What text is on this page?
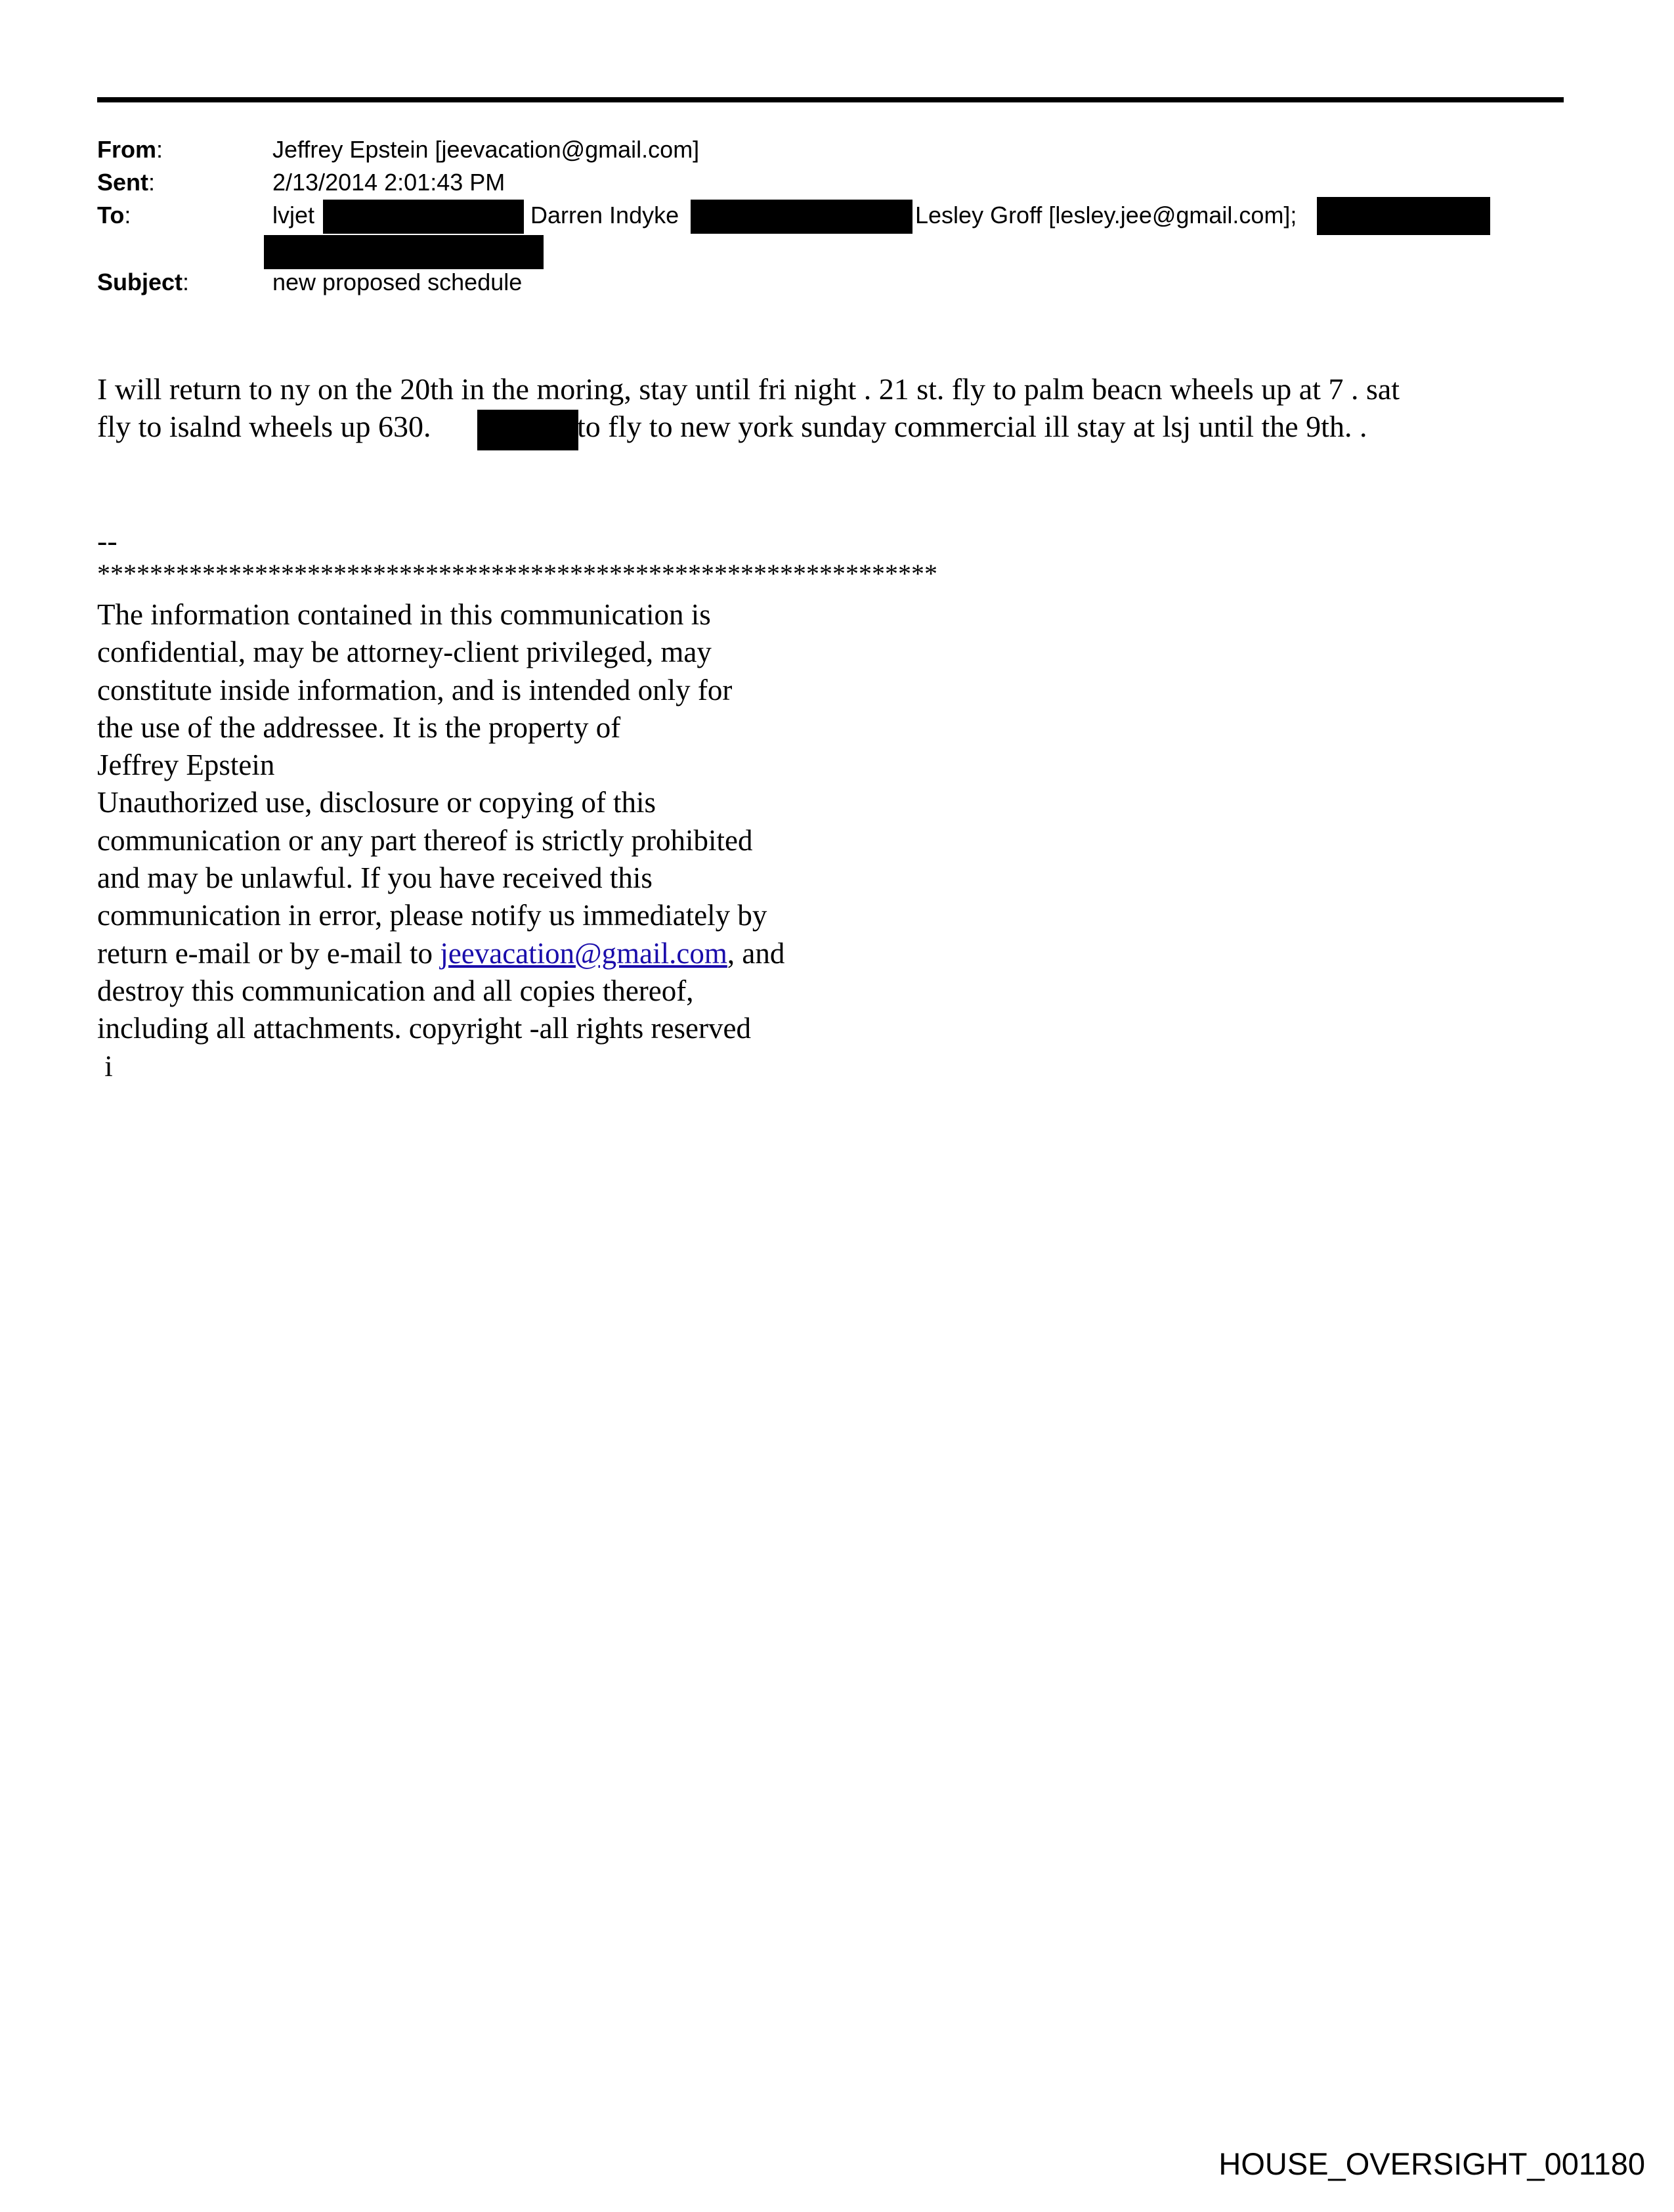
From:	Jeffrey Epstein [jeevacation@gmail.com]
Sent:	2/13/2014 2:01:43 PM
To:	lvjet	Darren Indyke	Lesley Groff [lesley.jee@gmail.com];
Subject:	new proposed schedule
I will return to ny on the 20th in the moring, stay until fri night . 21 st. fly to palm beacn wheels up at 7 . sat
fly to isalnd wheels up 630.	to fly to new york sunday commercial ill stay at lsj until the 9th. .
--
****************************************************************
The information contained in this communication is
confidential, may be attorney-client privileged, may
constitute inside information, and is intended only for
the use of the addressee. It is the property of
Jeffrey Epstein
Unauthorized use, disclosure or copying of this
communication or any part thereof is strictly prohibited
and may be unlawful. If you have received this
communication in error, please notify us immediately by
return e-mail or by e-mail to jeevacation@gmail.com, and
destroy this communication and all copies thereof,
including all attachments. copyright -all rights reserved
i
HOUSE_OVERSIGHT_001180
